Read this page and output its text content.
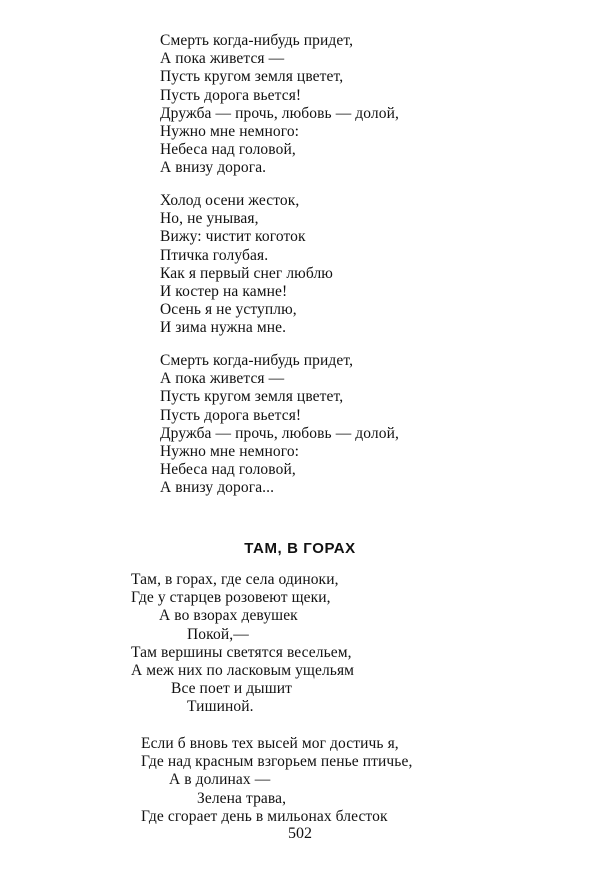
Смерть когда-нибудь придет,
А пока живется —
Пусть кругом земля цветет,
Пусть дорога вьется!
Дружба — прочь, любовь — долой,
Нужно мне немного:
Небеса над головой,
А внизу дорога.
Холод осени жесток,
Но, не унывая,
Вижу: чистит коготок
Птичка голубая.
Как я первый снег люблю
И костер на камне!
Осень я не уступлю,
И зима нужна мне.
Смерть когда-нибудь придет,
А пока живется —
Пусть кругом земля цветет,
Пусть дорога вьется!
Дружба — прочь, любовь — долой,
Нужно мне немного:
Небеса над головой,
А внизу дорога...
ТАМ, В ГОРАХ
Там, в горах, где села одиноки,
Где у старцев розовеют щеки,
А во взорах девушек
Покой,—
Там вершины светятся весельем,
А меж них по ласковым ущельям
Все поет и дышит
Тишиной.
Если б вновь тех высей мог достичь я,
Где над красным взгорьем пенье птичье,
А в долинах —
Зелена трава,
Где сгорает день в мильонах блесток
502
